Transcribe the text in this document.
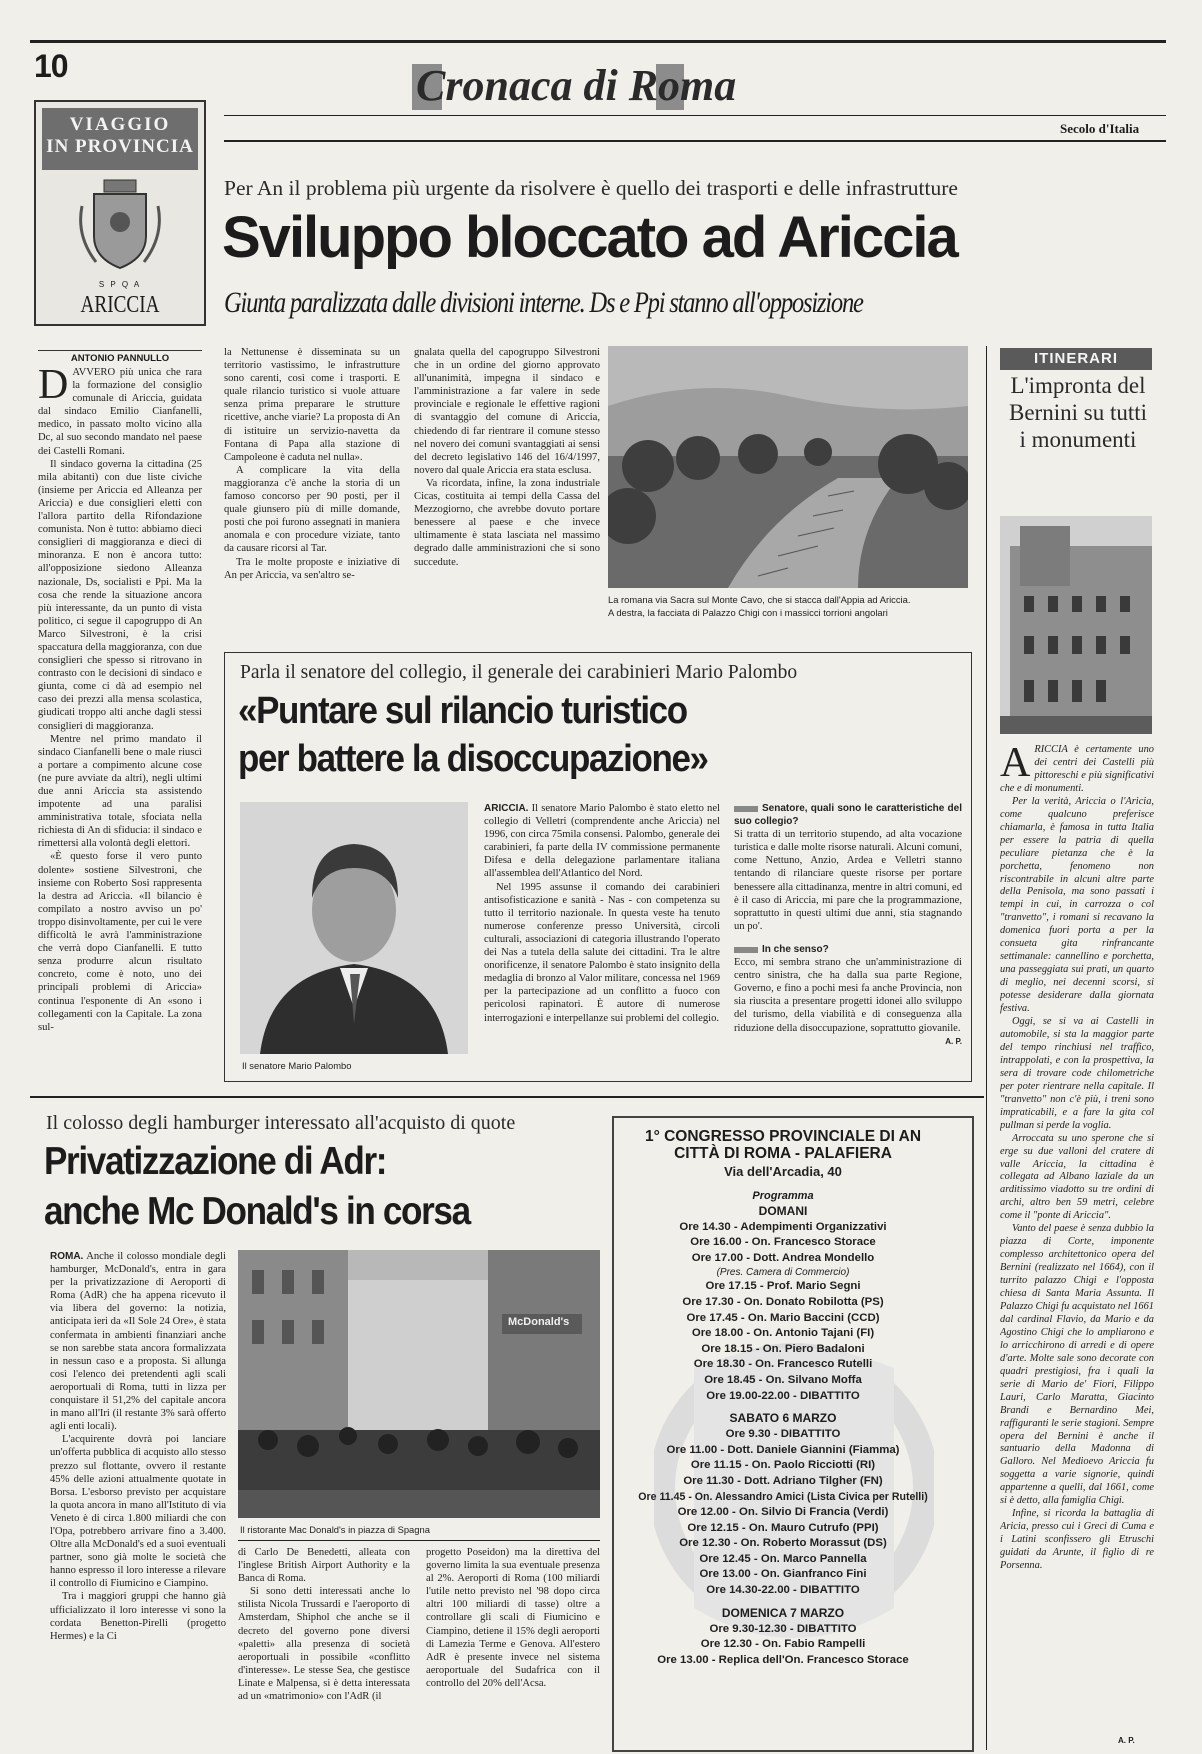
10	Cronaca di Roma
Secolo d'Italia
VIAGGIO
IN PROVINCIA
S P Q A
ARICCIA
Per An il problema più urgente da risolvere è quello dei trasporti e delle infrastrutture
Sviluppo bloccato ad Ariccia
Giunta paralizzata dalle divisioni interne. Ds e Ppi stanno all'opposizione
ANTONIO PANNULLO
D AVVERO più unica che rara la formazione del consiglio comunale di Ariccia, guidata dal sindaco Emilio Cianfanelli, medico, in passato molto vicino alla Dc, al suo secondo mandato nel paese dei Castelli Romani.

Il sindaco governa la cittadina (25 mila abitanti) con due liste civiche (insieme per Ariccia ed Alleanza per Ariccia) e due consiglieri eletti con l'allora partito della Rifondazione comunista. Non è tutto: abbiamo dieci consiglieri di maggioranza e dieci di minoranza. E non è ancora tutto: all'opposizione siedono Alleanza nazionale, Ds, socialisti e Ppi. Ma la cosa che rende la situazione ancora più interessante, da un punto di vista politico, ci segue il capogruppo di An Marco Silvestroni, è la crisi spaccatura della maggioranza, con due consiglieri che spesso si ritrovano in contrasto con le decisioni di sindaco e giunta, come ci dà ad esempio nel caso dei prezzi alla mensa scolastica, giudicati troppo alti anche dagli stessi consiglieri di maggioranza.

Mentre nel primo mandato il sindaco Cianfanelli bene o male riuscì a portare a compimento alcune cose (ne pure avviate da altri), negli ultimi due anni Ariccia sta assistendo impotente ad una paralisi amministrativa totale, sfociata nella richiesta di An di sfiducia: il sindaco e rimettersi alla volontà degli elettori.

«È questo forse il vero punto dolente» sostiene Silvestroni, che insieme con Roberto Sosi rappresenta la destra ad Ariccia. «Il bilancio è compilato a nostro avviso un po' troppo disinvoltamente, per cui le vere difficoltà le avrà l'amministrazione che verrà dopo Cianfanelli. E tutto senza produrre alcun risultato concreto, come è noto, uno dei principali problemi di Ariccia» continua l'esponente di An «sono i collegamenti con la Capitale. La zona sul-

la Nettunense è disseminata su un territorio vastissimo, le infrastrutture sono carenti, così come i trasporti. E quale rilancio turistico si vuole attuare senza prima preparare le strutture ricettive, anche viarie? La proposta di An di istituire un servizio-navetta da Fontana di Papa alla stazione di Campoleone è caduta nel nulla».

A complicare la vita della maggioranza c'è anche la storia di un famoso concorso per 90 posti, per il quale giunsero più di mille domande, posti che poi furono assegnati in maniera anomala e con procedure viziate, tanto da causare ricorsi al Tar.

Tra le molte proposte e iniziative di An per Ariccia, va sen'altro se-

gnalata quella del capogruppo Silvestroni che in un ordine del giorno approvato all'unanimità, impegna il sindaco e l'amministrazione a far valere in sede provinciale e regionale le effettive ragioni di svantaggio del comune di Ariccia, chiedendo di far rientrare il comune stesso nel novero dei comuni svantaggiati ai sensi del decreto legislativo 146 del 16/4/1997, novero dal quale Ariccia era stata esclusa.

Va ricordata, infine, la zona industriale Cicas, costituita ai tempi della Cassa del Mezzogiorno, che avrebbe dovuto portare benessere al paese e che invece ultimamente è stata lasciata nel massimo degrado dalle amministrazioni che si sono succedute.

La romana via Sacra sul Monte Cavo, che si stacca dall'Appia ad Ariccia.
A destra, la facciata di Palazzo Chigi con i massicci torrioni angolari
ITINERARI
L'impronta del Bernini su tutti i monumenti
A RICCIA è certamente uno dei centri dei Castelli più pittoreschi e più significativi che e di monumenti.

Per la verità, Ariccia o l'Aricia, come qualcuno preferisce chiamarla, è famosa in tutta Italia per essere la patria di quella peculiare pietanza che è la porchetta, fenomeno non riscontrabile in alcuni altre parte della Penisola, ma sono passati i tempi in cui, in carrozza o col "tranvetto", i romani si recavano la domenica fuori porta a per la consueta gita rinfrancante settimanale: cannellino e porchetta, una passeggiata sui prati, un quarto di meglio, nei decenni scorsi, si potesse desiderare dalla giornata festiva.

Oggi, se si va ai Castelli in automobile, si sta la maggior parte del tempo rinchiusi nel traffico, intrappolati, e con la prospettiva, la sera di trovare code chilometriche per poter rientrare nella capitale. Il "tranvetto" non c'è più, i treni sono impraticabili, e a fare la gita col pullman si perde la voglia.

Arroccata su uno sperone che si erge su due valloni del cratere di valle Ariccia, la cittadina è collegata ad Albano laziale da un arditissimo viadotto su tre ordini di archi, altro ben 59 metri, celebre come il "ponte di Ariccia".

Vanto del paese è senza dubbio la piazza di Corte, imponente complesso architettonico opera del Bernini (realizzato nel 1664), con il turrito palazzo Chigi e l'opposta chiesa di Santa Maria Assunta. Il Palazzo Chigi fu acquistato nel 1661 dal cardinal Flavio, da Mario e da Agostino Chigi che lo ampliarono e lo arricchirono di arredi e di opere d'arte. Molte sale sono decorate con quadri prestigiosi, fra i quali la serie di Mario de' Fiori, Filippo Lauri, Carlo Maratta, Giacinto Brandi e Bernardino Mei, raffiguranti le serie stagioni. Sempre opera del Bernini è anche il santuario della Madonna di Galloro. Nel Medioevo Ariccia fu soggetta a varie signorie, quindi appartenne a quelli, dal 1661, come si è detto, alla famiglia Chigi.

Infine, si ricorda la battaglia di Aricia, presso cui i Greci di Cuma e i Latini sconfissero gli Etruschi guidati da Arunte, il figlio di re Porsenna.

A. P.
Parla il senatore del collegio, il generale dei carabinieri Mario Palombo
«Puntare sul rilancio turistico
per battere la disoccupazione»
Il senatore Mario Palombo

ARICCIA. Il senatore Mario Palombo è stato eletto nel collegio di Velletri (comprendente anche Ariccia) nel 1996, con circa 75mila consensi. Palombo, generale dei carabinieri, fa parte della IV commissione permanente Difesa e della delegazione parlamentare italiana all'assemblea dell'Atlantico del Nord.

Nel 1995 assunse il comando dei carabinieri antisofisticazione e sanità - Nas - con competenza su tutto il territorio nazionale. In questa veste ha tenuto numerose conferenze presso Università, circoli culturali, associazioni di categoria illustrando l'operato dei Nas a tutela della salute dei cittadini. Tra le altre onorificenze, il senatore Palombo è stato insignito della medaglia di bronzo al Valor militare, concessa nel 1969 per la partecipazione ad un conflitto a fuoco con pericolosi rapinatori. È autore di numerose interrogazioni e interpellanze sui problemi del collegio.

Senatore, quali sono le caratteristiche del suo collegio?

Si tratta di un territorio stupendo, ad alta vocazione turistica e dalle molte risorse naturali. Alcuni comuni, come Nettuno, Anzio, Ardea e Velletri stanno tentando di rilanciare queste risorse per portare benessere alla cittadinanza, mentre in altri comuni, ed è il caso di Ariccia, mi pare che la programmazione, soprattutto in questi ultimi due anni, stia stagnando un po'.

In che senso?

Ecco, mi sembra strano che un'amministrazione di centro sinistra, che ha dalla sua parte Regione, Governo, e fino a pochi mesi fa anche Provincia, non sia riuscita a presentare progetti idonei allo sviluppo del turismo, della viabilità e di conseguenza alla riduzione della disoccupazione, soprattutto giovanile.

A. P.

Il colosso degli hamburger interessato all'acquisto di quote
Privatizzazione di Adr:
anche Mc Donald's in corsa

ROMA. Anche il colosso mondiale degli hamburger, McDonald's, entra in gara per la privatizzazione di Aeroporti di Roma (AdR) che ha appena ricevuto il via libera del governo: la notizia, anticipata ieri da «Il Sole 24 Ore», è stata confermata in ambienti finanziari anche se non sarebbe stata ancora formalizzata in nessun caso e a proposta. Si allunga così l'elenco dei pretendenti agli scali aeroportuali di Roma, tutti in lizza per conquistare il 51,2% del capitale ancora in mano all'Iri (il restante 3% sarà offerto agli enti locali).

L'acquirente dovrà poi lanciare un'offerta pubblica di acquisto allo stesso prezzo sul flottante, ovvero il restante 45% delle azioni attualmente quotate in Borsa. L'esborso previsto per acquistare la quota ancora in mano all'Istituto di via Veneto è di circa 1.800 miliardi che con l'Opa, potrebbero arrivare fino a 3.400. Oltre alla McDonald's ed a suoi eventuali partner, sono già molte le società che hanno espresso il loro interesse a rilevare il controllo di Fiumicino e Ciampino.

Tra i maggiori gruppi che hanno già ufficializzato il loro interesse vi sono la cordata Benetton-Pirelli (progetto Hermes) e la Ci

McDonald's
Il ristorante Mac Donald's in piazza di Spagna

di Carlo De Benedetti, alleata con l'inglese British Airport Authority e la Banca di Roma.

Si sono detti interessati anche lo stilista Nicola Trussardi e l'aeroporto di Amsterdam, Shiphol che anche se il decreto del governo pone diversi «paletti» alla presenza di società aeroportuali in possibile «conflitto d'interesse». Le stesse Sea, che gestisce Linate e Malpensa, si è detta interessata ad un «matrimonio» con l'AdR (il

progetto Poseidon) ma la direttiva del governo limita la sua eventuale presenza al 2%. Aeroporti di Roma (100 miliardi l'utile netto previsto nel '98 dopo circa altri 100 miliardi di tasse) oltre a controllare gli scali di Fiumicino e Ciampino, detiene il 15% degli aeroporti di Lamezia Terme e Genova. All'estero AdR è presente invece nel sistema aeroportuale del Sudafrica con il controllo del 20% dell'Acsa.

1° CONGRESSO PROVINCIALE DI AN
CITTÀ DI ROMA - PALAFIERA
Via dell'Arcadia, 40
Programma
DOMANI
Ore 14.30 - Adempimenti Organizzativi
Ore 16.00 - On. Francesco Storace
Ore 17.00 - Dott. Andrea Mondello
(Pres. Camera di Commercio)
Ore 17.15 - Prof. Mario Segni
Ore 17.30 - On. Donato Robilotta (PS)
Ore 17.45 - On. Mario Baccini (CCD)
Ore 18.00 - On. Antonio Tajani (FI)
Ore 18.15 - On. Piero Badaloni
Ore 18.30 - On. Francesco Rutelli
Ore 18.45 - On. Silvano Moffa
Ore 19.00-22.00 - DIBATTITO
SABATO 6 MARZO
Ore 9.30 - DIBATTITO
Ore 11.00 - Dott. Daniele Giannini (Fiamma)
Ore 11.15 - On. Paolo Ricciotti (RI)
Ore 11.30 - Dott. Adriano Tilgher (FN)
Ore 11.45 - On. Alessandro Amici (Lista Civica per Rutelli)
Ore 12.00 - On. Silvio Di Francia (Verdi)
Ore 12.15 - On. Mauro Cutrufo (PPI)
Ore 12.30 - On. Roberto Morassut (DS)
Ore 12.45 - On. Marco Pannella
Ore 13.00 - On. Gianfranco Fini
Ore 14.30-22.00 - DIBATTITO
DOMENICA 7 MARZO
Ore 9.30-12.30 - DIBATTITO
Ore 12.30 - On. Fabio Rampelli
Ore 13.00 - Replica dell'On. Francesco Storace
